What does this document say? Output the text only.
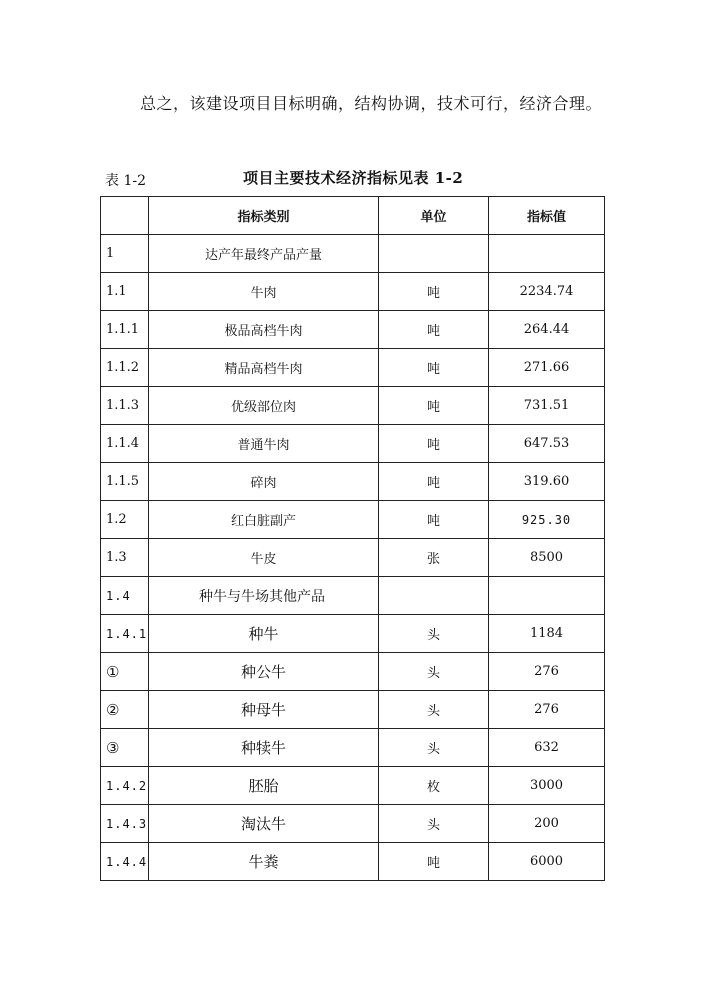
总之，该建设项目目标明确，结构协调，技术可行，经济合理。
表 1-2	项目主要技术经济指标见表 1-2
	指标类别	单位	指标值
1	达产年最终产品产量		
1.1	牛肉	吨	2234.74
1.1.1	极品高档牛肉	吨	264.44
1.1.2	精品高档牛肉	吨	271.66
1.1.3	优级部位肉	吨	731.51
1.1.4	普通牛肉	吨	647.53
1.1.5	碎肉	吨	319.60
1.2	红白脏副产	吨	925.30
1.3	牛皮	张	8500
1.4	种牛与牛场其他产品		
1.4.1	种牛	头	1184
①	种公牛	头	276
②	种母牛	头	276
③	种犊牛	头	632
1.4.2	胚胎	枚	3000
1.4.3	淘汰牛	头	200
1.4.4	牛粪	吨	6000
